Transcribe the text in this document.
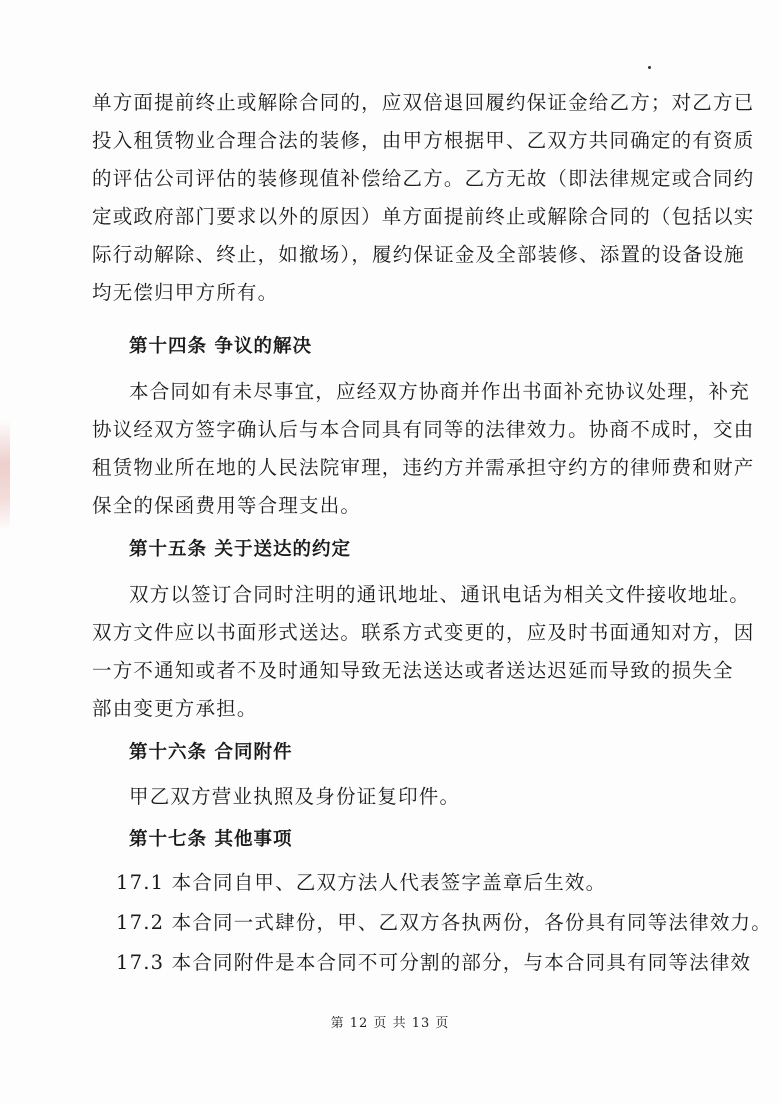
单方面提前终止或解除合同的，应双倍退回履约保证金给乙方；对乙方已
投入租赁物业合理合法的装修，由甲方根据甲、乙双方共同确定的有资质
的评估公司评估的装修现值补偿给乙方。乙方无故（即法律规定或合同约
定或政府部门要求以外的原因）单方面提前终止或解除合同的（包括以实
际行动解除、终止，如撤场），履约保证金及全部装修、添置的设备设施
均无偿归甲方所有。
第十四条 争议的解决
本合同如有未尽事宜，应经双方协商并作出书面补充协议处理，补充
协议经双方签字确认后与本合同具有同等的法律效力。协商不成时，交由
租赁物业所在地的人民法院审理，违约方并需承担守约方的律师费和财产
保全的保函费用等合理支出。
第十五条 关于送达的约定
双方以签订合同时注明的通讯地址、通讯电话为相关文件接收地址。
双方文件应以书面形式送达。联系方式变更的，应及时书面通知对方，因
一方不通知或者不及时通知导致无法送达或者送达迟延而导致的损失全
部由变更方承担。
第十六条 合同附件
甲乙双方营业执照及身份证复印件。
第十七条 其他事项
17.1 本合同自甲、乙双方法人代表签字盖章后生效。
17.2 本合同一式肆份，甲、乙双方各执两份，各份具有同等法律效力。
17.3 本合同附件是本合同不可分割的部分，与本合同具有同等法律效
第 12 页 共 13 页
